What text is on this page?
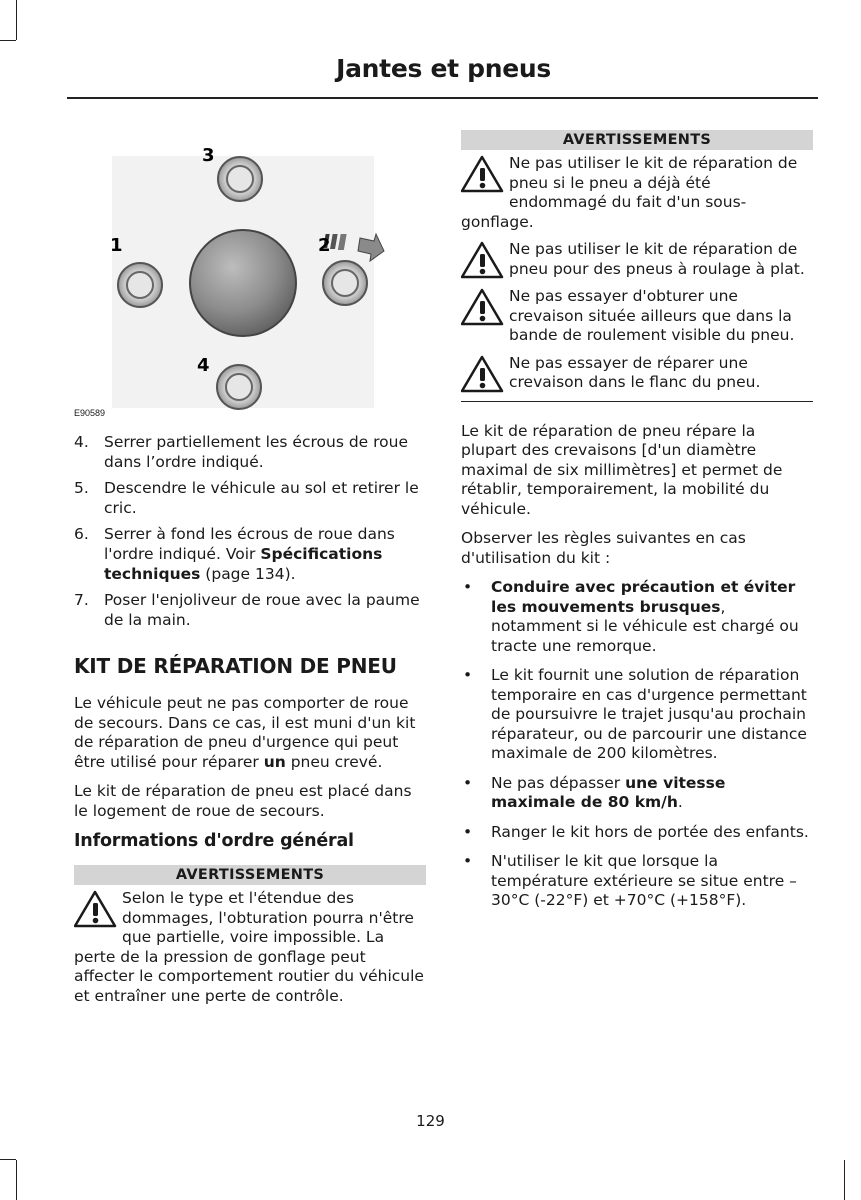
Jantes et pneus
3
1	2
4
E90589
4. Serrer partiellement les écrous de roue dans l’ordre indiqué.
5. Descendre le véhicule au sol et retirer le cric.
6. Serrer à fond les écrous de roue dans l'ordre indiqué. Voir Spécifications techniques (page 134).
7. Poser l'enjoliveur de roue avec la paume de la main.
KIT DE RÉPARATION DE PNEU

Le véhicule peut ne pas comporter de roue de secours. Dans ce cas, il est muni d'un kit de réparation de pneu d'urgence qui peut être utilisé pour réparer un pneu crevé.

Le kit de réparation de pneu est placé dans le logement de roue de secours.

Informations d'ordre général
AVERTISSEMENTS
Selon le type et l'étendue des dommages, l'obturation pourra n'être que partielle, voire impossible. La perte de la pression de gonflage peut affecter le comportement routier du véhicule et entraîner une perte de contrôle.
AVERTISSEMENTS
Ne pas utiliser le kit de réparation de pneu si le pneu a déjà été endommagé du fait d'un sous-gonflage.
Ne pas utiliser le kit de réparation de pneu pour des pneus à roulage à plat.
Ne pas essayer d'obturer une crevaison située ailleurs que dans la bande de roulement visible du pneu.
Ne pas essayer de réparer une crevaison dans le flanc du pneu.

Le kit de réparation de pneu répare la plupart des crevaisons [d'un diamètre maximal de six millimètres] et permet de rétablir, temporairement, la mobilité du véhicule.

Observer les règles suivantes en cas d'utilisation du kit :

• Conduire avec précaution et éviter les mouvements brusques, notamment si le véhicule est chargé ou tracte une remorque.
• Le kit fournit une solution de réparation temporaire en cas d'urgence permettant de poursuivre le trajet jusqu'au prochain réparateur, ou de parcourir une distance maximale de 200 kilomètres.
• Ne pas dépasser une vitesse maximale de 80 km/h.
• Ranger le kit hors de portée des enfants.
• N'utiliser le kit que lorsque la température extérieure se situe entre –30°C (-22°F) et +70°C (+158°F).
129
